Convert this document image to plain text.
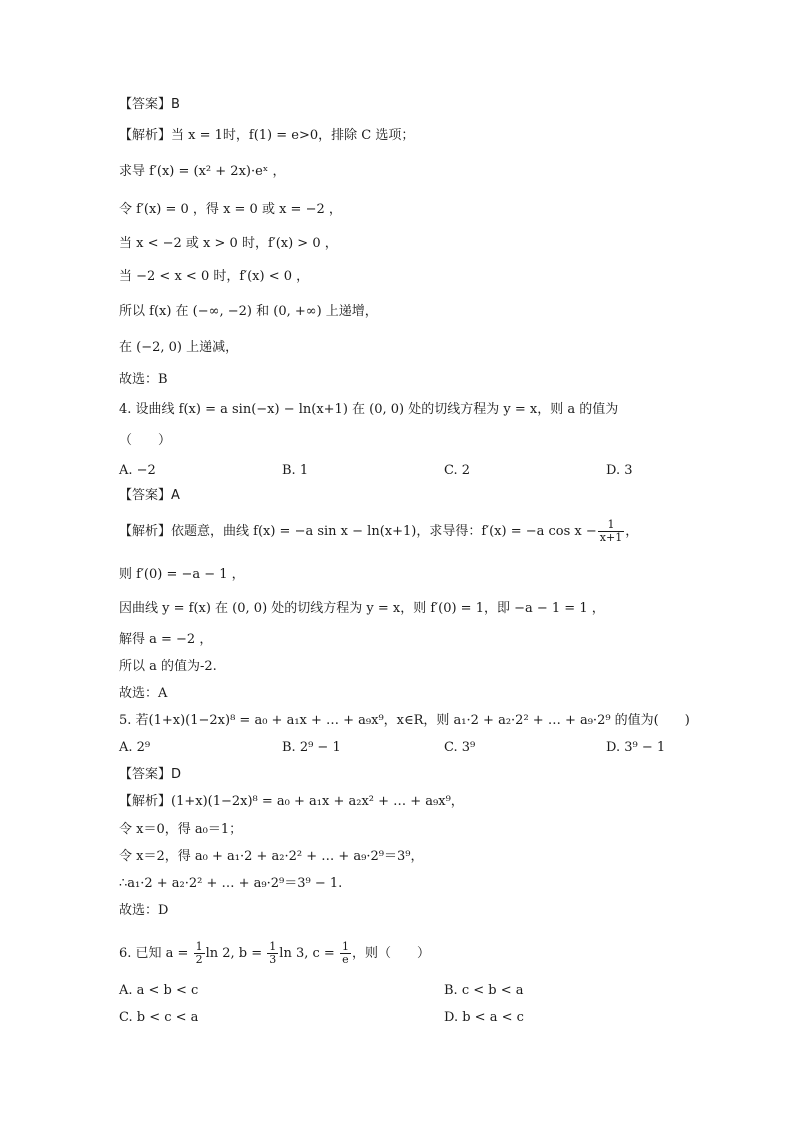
【答案】B
【解析】当 x = 1时，f(1) = e>0，排除 C 选项；
求导 f′(x) = (x² + 2x)·eˣ ，
令 f′(x) = 0 ，得 x = 0 或 x = −2 ，
当 x < −2 或 x > 0 时，f′(x) > 0 ，
当 −2 < x < 0 时，f′(x) < 0 ，
所以 f(x) 在 (−∞, −2) 和 (0, +∞) 上递增，
在 (−2, 0) 上递减，
故选：B
4. 设曲线 f(x) = a sin(−x) − ln(x+1) 在 (0, 0) 处的切线方程为 y = x，则 a 的值为
（　　）
A. −2	B. 1	C. 2	D. 3
【答案】A
【解析】依题意，曲线 f(x) = −a sin x − ln(x+1)，求导得：f′(x) = −a $\cos x - \frac{1}{x+1}$ ，
则 f′(0) = −a − 1 ，
因曲线 y = f(x) 在 (0, 0) 处的切线方程为 y = x，则 f′(0) = 1，即 −a − 1 = 1 ，
解得 a = −2 ，
所以 a 的值为-2.
故选：A
5. 若(1+x)(1−2x)⁸ = a₀ + a₁x + … + a₉x⁹，x∈R，则 a₁·2 + a₂·2² + … + a₉·2⁹ 的值为(　　)
A. 2⁹	B. 2⁹ − 1	C. 3⁹	D. 3⁹ − 1
【答案】D
【解析】(1+x)(1−2x)⁸ = a₀ + a₁x + a₂x² + … + a₉x⁹，
令 x＝0，得 a₀＝1；
令 x＝2，得 a₀ + a₁·2 + a₂·2² + … + a₉·2⁹＝3⁹，
∴a₁·2 + a₂·2² + … + a₉·2⁹＝3⁹ − 1.
故选：D
6. 已知 $a = \frac{1}{2}$ ln 2, $b = \frac{1}{3}$ ln 3, $c = \frac{1}{e}$ ，则（　　）
A. a < b < c	B. c < b < a
C. b < c < a	D. b < a < c
